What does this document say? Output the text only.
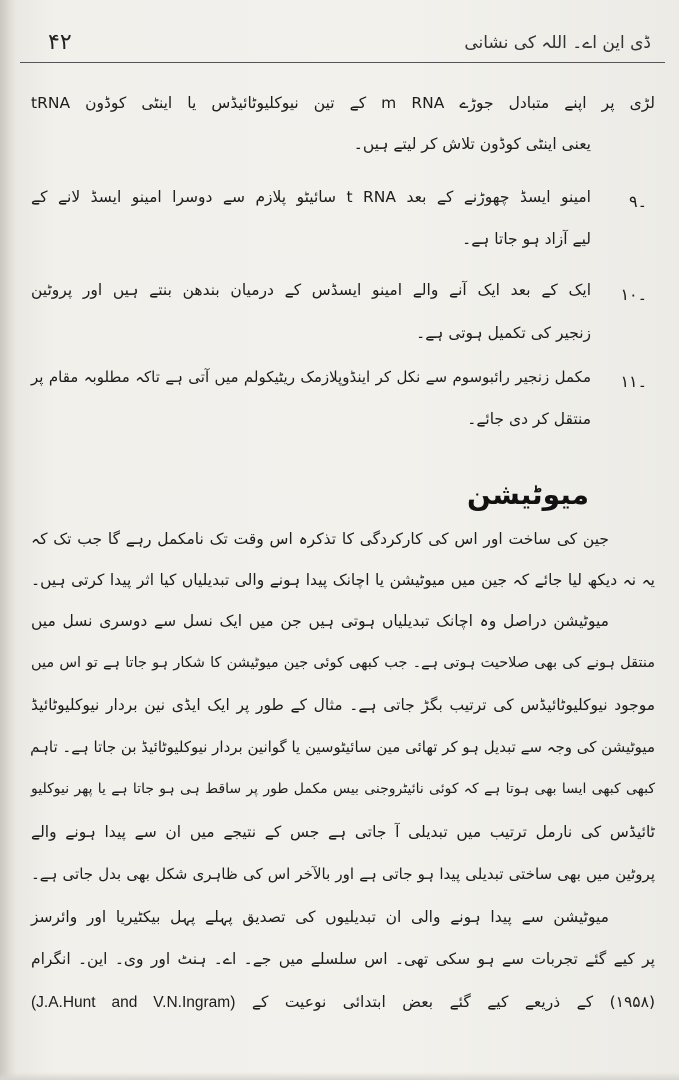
۴۲	ڈی این اے۔ اللہ کی نشانی
tRNA کے تین نیوکلیوٹائیڈس یا اینٹی کوڈون m RNA لڑی پر اپنے متبادل جوڑے
یعنی اینٹی کوڈون تلاش کر لیتے ہیں۔
۹۔
امینو ایسڈ چھوڑنے کے بعد t RNA سائیٹو پلازم سے دوسرا امینو ایسڈ لانے کے
لیے آزاد ہو جاتا ہے۔
۱۰۔
ایک کے بعد ایک آنے والے امینو ایسڈس کے درمیان بندھن بنتے ہیں اور پروٹین
زنجیر کی تکمیل ہوتی ہے۔
۱۱۔
مکمل زنجیر رائبوسوم سے نکل کر اینڈوپلازمک ریٹیکولم میں آتی ہے تاکہ مطلوبہ مقام پر
منتقل کر دی جائے۔
میوٹیشن
جین کی ساخت اور اس کی کارکردگی کا تذکرہ اس وقت تک نامکمل رہے گا جب تک کہ
یہ نہ دیکھ لیا جائے کہ جین میں میوٹیشن یا اچانک پیدا ہونے والی تبدیلیاں کیا اثر پیدا کرتی ہیں۔
میوٹیشن دراصل وہ اچانک تبدیلیاں ہوتی ہیں جن میں ایک نسل سے دوسری نسل میں
منتقل ہونے کی بھی صلاحیت ہوتی ہے۔ جب کبھی کوئی جین میوٹیشن کا شکار ہو جاتا ہے تو اس میں
موجود نیوکلیوٹائیڈس کی ترتیب بگڑ جاتی ہے۔ مثال کے طور پر ایک ایڈی نین بردار نیوکلیوٹائیڈ
میوٹیشن کی وجہ سے تبدیل ہو کر تھائی مین سائیٹوسین یا گوانین بردار نیوکلیوٹائیڈ بن جاتا ہے۔ تاہم
کبھی کبھی ایسا بھی ہوتا ہے کہ کوئی نائیٹروجنی بیس مکمل طور پر ساقط ہی ہو جاتا ہے یا پھر نیوکلیو
ٹائیڈس کی نارمل ترتیب میں تبدیلی آ جاتی ہے جس کے نتیجے میں ان سے پیدا ہونے والے
پروٹین میں بھی ساختی تبدیلی پیدا ہو جاتی ہے اور بالآخر اس کی ظاہری شکل بھی بدل جاتی ہے۔
میوٹیشن سے پیدا ہونے والی ان تبدیلیوں کی تصدیق پہلے پہل بیکٹیریا اور وائرسز
پر کیے گئے تجربات سے ہو سکی تھی۔ اس سلسلے میں جے۔ اے۔ ہنٹ اور وی۔ این۔ انگرام
(۱۹۵۸) کے ذریعے کیے گئے بعض ابتدائی نوعیت کے (J.A.Hunt and V.N.Ingram)
